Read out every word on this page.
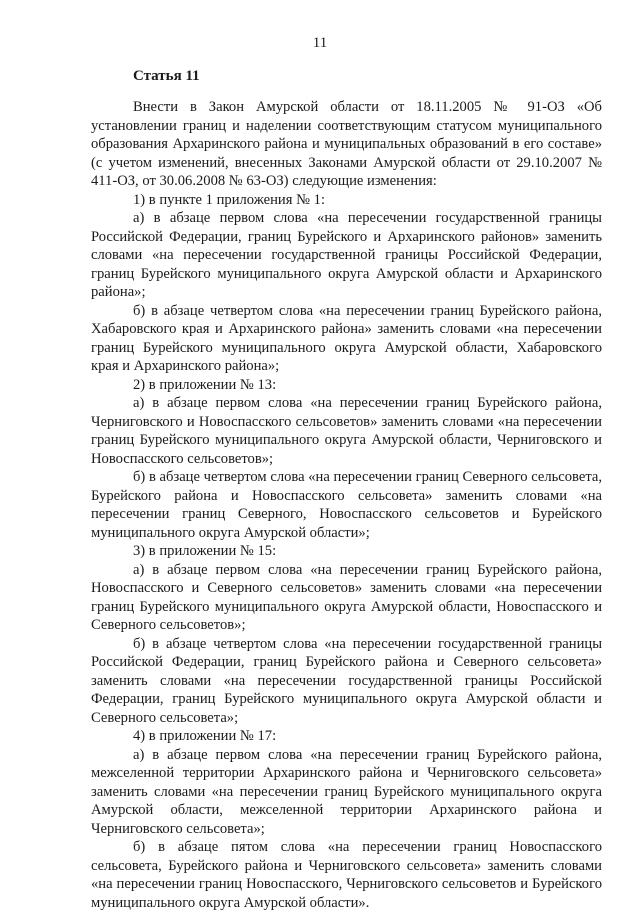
11
Статья 11

Внести в Закон Амурской области от 18.11.2005 № 91-ОЗ «Об установлении границ и наделении соответствующим статусом муниципального образования Архаринского района и муниципальных образований в его составе» (с учетом изменений, внесенных Законами Амурской области от 29.10.2007 № 411-ОЗ, от 30.06.2008 № 63-ОЗ) следующие изменения:

1) в пункте 1 приложения № 1:

а) в абзаце первом слова «на пересечении государственной границы Российской Федерации, границ Бурейского и Архаринского районов» заменить словами «на пересечении государственной границы Российской Федерации, границ Бурейского муниципального округа Амурской области и Архаринского района»;

б) в абзаце четвертом слова «на пересечении границ Бурейского района, Хабаровского края и Архаринского района» заменить словами «на пересечении границ Бурейского муниципального округа Амурской области, Хабаровского края и Архаринского района»;

2) в приложении № 13:

а) в абзаце первом слова «на пересечении границ Бурейского района, Черниговского и Новоспасского сельсоветов» заменить словами «на пересечении границ Бурейского муниципального округа Амурской области, Черниговского и Новоспасского сельсоветов»;

б) в абзаце четвертом слова «на пересечении границ Северного сельсовета, Бурейского района и Новоспасского сельсовета» заменить словами «на пересечении границ Северного, Новоспасского сельсоветов и Бурейского муниципального округа Амурской области»;

3) в приложении № 15:

а) в абзаце первом слова «на пересечении границ Бурейского района, Новоспасского и Северного сельсоветов» заменить словами «на пересечении границ Бурейского муниципального округа Амурской области, Новоспасского и Северного сельсоветов»;

б) в абзаце четвертом слова «на пересечении государственной границы Российской Федерации, границ Бурейского района и Северного сельсовета» заменить словами «на пересечении государственной границы Российской Федерации, границ Бурейского муниципального округа Амурской области и Северного сельсовета»;

4) в приложении № 17:

а) в абзаце первом слова «на пересечении границ Бурейского района, межселенной территории Архаринского района и Черниговского сельсовета» заменить словами «на пересечении границ Бурейского муниципального округа Амурской области, межселенной территории Архаринского района и Черниговского сельсовета»;

б) в абзаце пятом слова «на пересечении границ Новоспасского сельсовета, Бурейского района и Черниговского сельсовета» заменить словами «на пересечении границ Новоспасского, Черниговского сельсоветов и Бурейского муниципального округа Амурской области».
